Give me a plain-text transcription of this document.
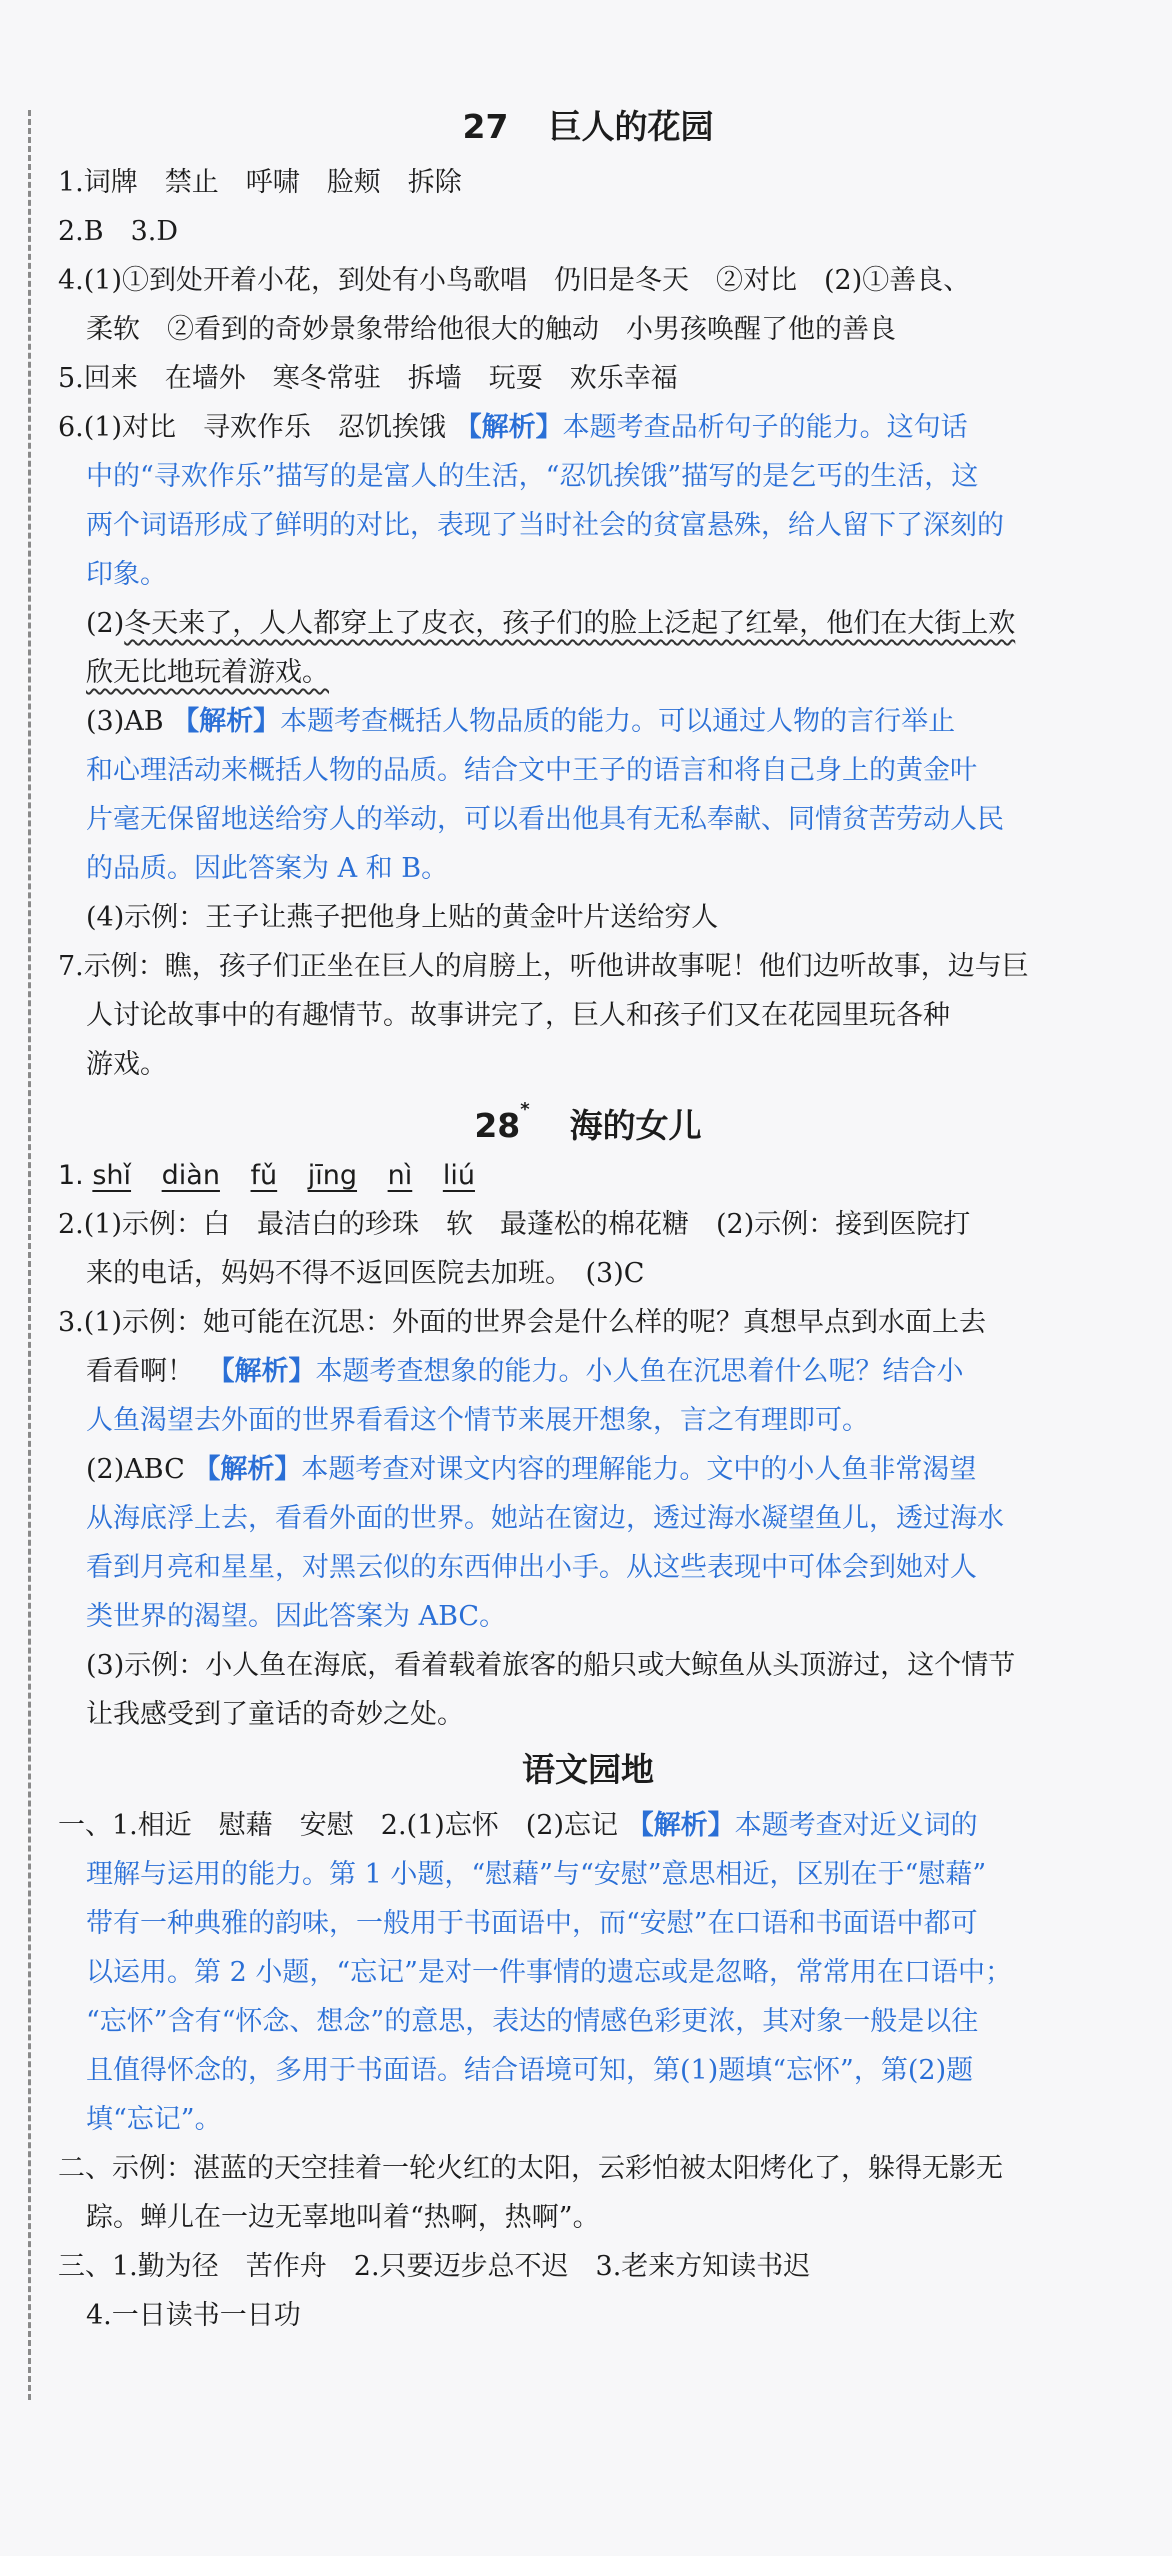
27 巨人的花园
1.词牌　禁止　呼啸　脸颊　拆除
2.B　3.D
4.(1)①到处开着小花，到处有小鸟歌唱　仍旧是冬天　②对比　(2)①善良、
柔软　②看到的奇妙景象带给他很大的触动　小男孩唤醒了他的善良
5.回来　在墙外　寒冬常驻　拆墙　玩耍　欢乐幸福
6.(1)对比　寻欢作乐　忍饥挨饿 【解析】本题考查品析句子的能力。这句话
中的“寻欢作乐”描写的是富人的生活，“忍饥挨饿”描写的是乞丐的生活，这
两个词语形成了鲜明的对比，表现了当时社会的贫富悬殊，给人留下了深刻的
印象。
(2)冬天来了，人人都穿上了皮衣，孩子们的脸上泛起了红晕，他们在大街上欢
欣无比地玩着游戏。
(3)AB 【解析】本题考查概括人物品质的能力。可以通过人物的言行举止
和心理活动来概括人物的品质。结合文中王子的语言和将自己身上的黄金叶
片毫无保留地送给穷人的举动，可以看出他具有无私奉献、同情贫苦劳动人民
的品质。因此答案为 A 和 B。
(4)示例：王子让燕子把他身上贴的黄金叶片送给穷人
7.示例：瞧，孩子们正坐在巨人的肩膀上，听他讲故事呢！他们边听故事，边与巨
人讨论故事中的有趣情节。故事讲完了，巨人和孩子们又在花园里玩各种
游戏。
28* 海的女儿
1. shǐ diàn fǔ jīng nì liú
2.(1)示例：白　最洁白的珍珠　软　最蓬松的棉花糖　(2)示例：接到医院打
来的电话，妈妈不得不返回医院去加班。　(3)C
3.(1)示例：她可能在沉思：外面的世界会是什么样的呢？真想早点到水面上去
看看啊！　【解析】本题考查想象的能力。小人鱼在沉思着什么呢？结合小
人鱼渴望去外面的世界看看这个情节来展开想象，言之有理即可。
(2)ABC 【解析】本题考查对课文内容的理解能力。文中的小人鱼非常渴望
从海底浮上去，看看外面的世界。她站在窗边，透过海水凝望鱼儿，透过海水
看到月亮和星星，对黑云似的东西伸出小手。从这些表现中可体会到她对人
类世界的渴望。因此答案为 ABC。
(3)示例：小人鱼在海底，看着载着旅客的船只或大鲸鱼从头顶游过，这个情节
让我感受到了童话的奇妙之处。
语文园地
一、1.相近　慰藉　安慰　2.(1)忘怀　(2)忘记 【解析】本题考查对近义词的
理解与运用的能力。第 1 小题，“慰藉”与“安慰”意思相近，区别在于“慰藉”
带有一种典雅的韵味，一般用于书面语中，而“安慰”在口语和书面语中都可
以运用。第 2 小题，“忘记”是对一件事情的遗忘或是忽略，常常用在口语中；
“忘怀”含有“怀念、想念”的意思，表达的情感色彩更浓，其对象一般是以往
且值得怀念的，多用于书面语。结合语境可知，第(1)题填“忘怀”，第(2)题
填“忘记”。
二、示例：湛蓝的天空挂着一轮火红的太阳，云彩怕被太阳烤化了，躲得无影无
踪。蝉儿在一边无辜地叫着“热啊，热啊”。
三、1.勤为径　苦作舟　2.只要迈步总不迟　3.老来方知读书迟
4.一日读书一日功
